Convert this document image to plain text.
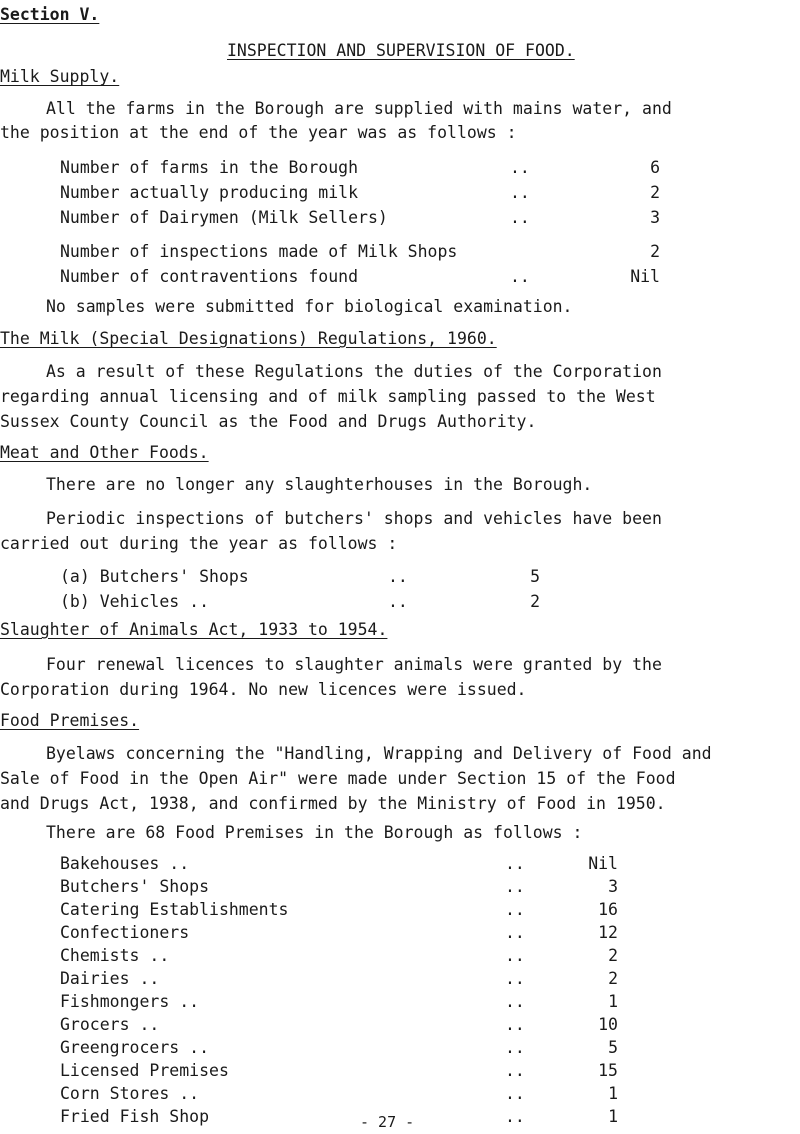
Section V.
INSPECTION AND SUPERVISION OF FOOD.
Milk Supply.
All the farms in the Borough are supplied with mains water, and
the position at the end of the year was as follows :
Number of farms in the Borough	..	6
Number actually producing milk	..	2
Number of Dairymen (Milk Sellers)	..	3
Number of inspections made of Milk Shops	2
Number of contraventions found	..	Nil
No samples were submitted for biological examination.
The Milk (Special Designations) Regulations, 1960.
As a result of these Regulations the duties of the Corporation
regarding annual licensing and of milk sampling passed to the West
Sussex County Council as the Food and Drugs Authority.
Meat and Other Foods.
There are no longer any slaughterhouses in the Borough.
Periodic inspections of butchers' shops and vehicles have been
carried out during the year as follows :
(a) Butchers' Shops	..	5
(b) Vehicles ..	..	2
Slaughter of Animals Act, 1933 to 1954.
Four renewal licences to slaughter animals were granted by the
Corporation during 1964. No new licences were issued.
Food Premises.
Byelaws concerning the "Handling, Wrapping and Delivery of Food and
Sale of Food in the Open Air" were made under Section 15 of the Food
and Drugs Act, 1938, and confirmed by the Ministry of Food in 1950.
There are 68 Food Premises in the Borough as follows :
Bakehouses ..	..	Nil
Butchers' Shops	..	3
Catering Establishments	..	16
Confectioners	..	12
Chemists ..	..	2
Dairies ..	..	2
Fishmongers ..	..	1
Grocers ..	..	10
Greengrocers ..	..	5
Licensed Premises	..	15
Corn Stores ..	..	1
Fried Fish Shop	..	1
- 27 -
